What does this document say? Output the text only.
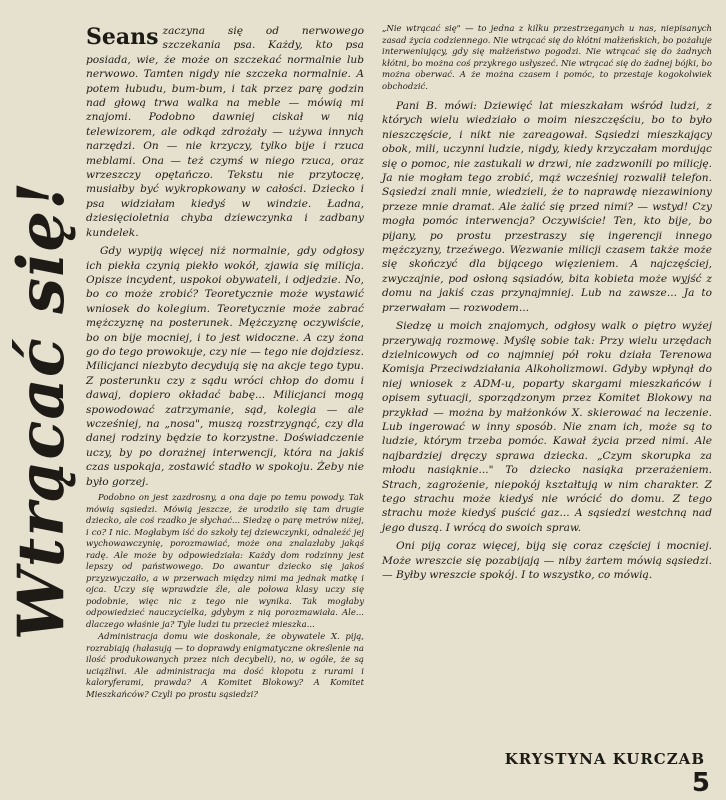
Wtrącać się!

Seans zaczyna się od nerwowego szczekania psa. Każdy, kto psa posiada, wie, że może on szczekać normalnie lub nerwowo. Tamten nigdy nie szczeka normalnie. A potem łubudu, bum-bum, i tak przez parę godzin nad głową trwa walka na meble — mówią mi znajomi. Podobno dawniej ciskał w nią telewizorem, ale odkąd zdrożały — używa innych narzędzi. On — nie krzyczy, tylko bije i rzuca meblami. Ona — też czymś w niego rzuca, oraz wrzeszczy opętańczo. Tekstu nie przytoczę, musiałby być wykropkowany w całości. Dziecko i psa widziałam kiedyś w windzie. Ładna, dziesięcioletnia chyba dziewczynka i zadbany kundelek.

Gdy wypiją więcej niż normalnie, gdy odgłosy ich piekła czynią piekło wokół, zjawia się milicja. Opisze incydent, uspokoi obywateli, i odjedzie. No, bo co może zrobić? Teoretycznie może wystawić wniosek do kolegium. Teoretycznie może zabrać mężczyznę na posterunek. Mężczyznę oczywiście, bo on bije mocniej, i to jest widoczne. A czy żona go do tego prowokuje, czy nie — tego nie dojdziesz. Milicjanci niezbyto decydują się na akcje tego typu. Z posterunku czy z sądu wróci chłop do domu i dawaj, dopiero okładać babę... Milicjanci mogą spowodować zatrzymanie, sąd, kolegia — ale wcześniej, na „nosa", muszą rozstrzygnąć, czy dla danej rodziny będzie to korzystne. Doświadczenie uczy, by po dorażnej interwencji, która na jakiś czas uspokaja, zostawić stadło w spokoju. Żeby nie było gorzej.

Podobno on jest zazdrosny, a ona daje po temu powody. Tak mówią sąsiedzi. Mówią jeszcze, że urodziło się tam drugie dziecko, ale coś rzadko je słychać... Siedzę o parę metrów niżej, i co? I nic. Mogłabym iść do szkoły tej dziewczynki, odnaleźć jej wychowawczynię, porozmawiać, może ona znalazłaby jakąś radę. Ale może by odpowiedziała: Każdy dom rodzinny jest lepszy od państwowego. Do awantur dziecko się jakoś przyzwyczaiło, a w przerwach między nimi ma jednak matkę i ojca. Uczy się wprawdzie źle, ale połowa klasy uczy się podobnie, więc nic z tego nie wynika. Tak mogłaby odpowiedzieć nauczycielka, gdybym z nią porozmawiała. Ale... dlaczego właśnie ja? Tyle ludzi tu przecież mieszka...

Administracja domu wie doskonale, że obywatele X. piją, rozrabiają (hałasują — to doprawdy enigmatyczne określenie na ilość produkowanych przez nich decybeli), no, w ogóle, że są uciążliwi. Ale administracja ma dość kłopotu z rurami i kaloryferami, prawda? A Komitet Blokowy? A Komitet Mieszkańców? Czyli po prostu sąsiedzi?

„Nie wtrącać się" — to jedna z kilku przestrzeganych u nas, niepisanych zasad życia codziennego. Nie wtrącać się do kłótni małżeńskich, bo pożałuje interweniujący, gdy się małżeństwo pogodzi. Nie wtrącać się do żadnych kłótni, bo można coś przykrego usłyszeć. Nie wtrącać się do żadnej bójki, bo można oberwać. A że można czasem i pomóc, to przestaje kogokolwiek obchodzić.

Pani B. mówi: Dziewięć lat mieszkałam wśród ludzi, z których wielu wiedziało o moim nieszczęściu, bo to było nieszczęście, i nikt nie zareagował. Sąsiedzi mieszkający obok, mili, uczynni ludzie, nigdy, kiedy krzyczałam mordując się o pomoc, nie zastukali w drzwi, nie zadzwonili po milicję. Ja nie mogłam tego zrobić, mąż wcześniej rozwalił telefon. Sąsiedzi znali mnie, wiedzieli, że to naprawdę niezawiniony przeze mnie dramat. Ale żalić się przed nimi? — wstyd! Czy mogła pomóc interwencja? Oczywiście! Ten, kto bije, bo pijany, po prostu przestraszy się ingerencji innego mężczyzny, trzeźwego. Wezwanie milicji czasem także może się skończyć dla bijącego więzieniem. A najczęściej, zwyczajnie, pod osłoną sąsiadów, bita kobieta może wyjść z domu na jakiś czas przynajmniej. Lub na zawsze... Ja to przerwałam — rozwodem...

Siedzę u moich znajomych, odgłosy walk o piętro wyżej przerywają rozmowę. Myślę sobie tak: Przy wielu urzędach dzielnicowych od co najmniej pół roku działa Terenowa Komisja Przeciwdziałania Alkoholizmowi. Gdyby wpłynął do niej wniosek z ADM-u, poparty skargami mieszkańców i opisem sytuacji, sporządzonym przez Komitet Blokowy na przykład — można by małżonków X. skierować na leczenie. Lub ingerować w inny sposób. Nie znam ich, może są to ludzie, którym trzeba pomóc. Kawał życia przed nimi. Ale najbardziej dręczy sprawa dziecka. „Czym skorupka za młodu nasiąknie..." To dziecko nasiąka przerażeniem. Strach, zagrożenie, niepokój kształtują w nim charakter. Z tego strachu może kiedyś nie wrócić do domu. Z tego strachu może kiedyś puścić gaz... A sąsiedzi westchną nad jego duszą. I wrócą do swoich spraw.

Oni piją coraz więcej, biją się coraz częściej i mocniej. Może wreszcie się pozabijają — niby żartem mówią sąsiedzi. — Byłby wreszcie spokój. I to wszystko, co mówią.

KRYSTYNA KURCZAB
5
